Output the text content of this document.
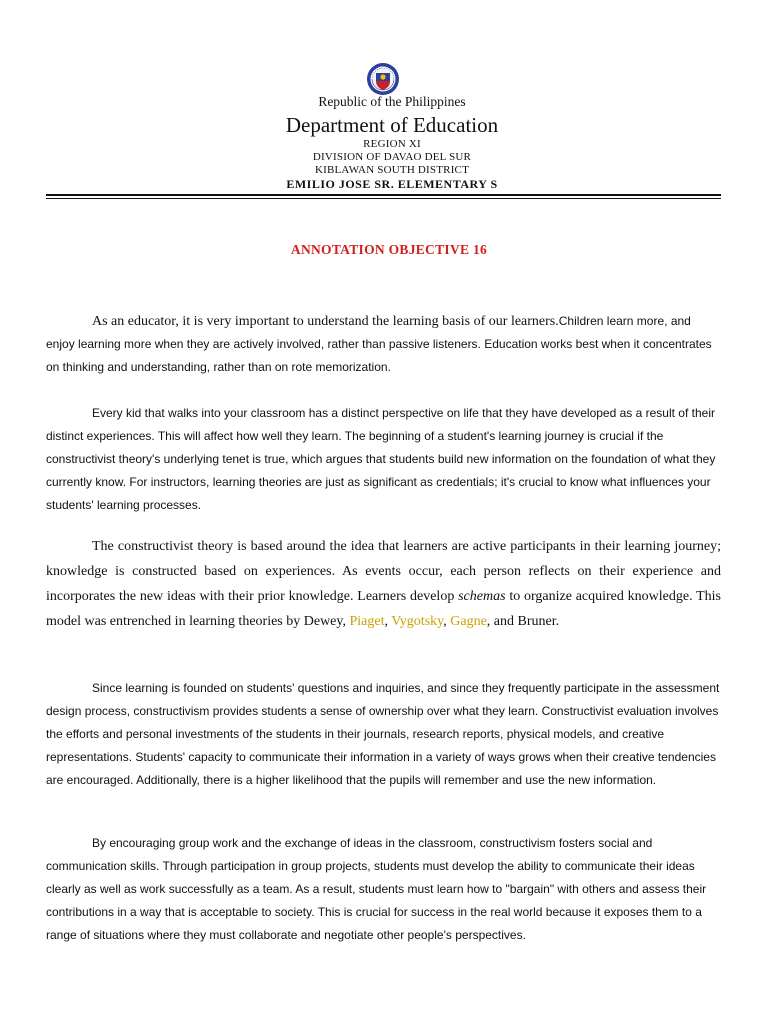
Republic of the Philippines
Department of Education
REGION XI
DIVISION OF DAVAO DEL SUR
KIBLAWAN SOUTH DISTRICT
EMILIO JOSE SR. ELEMENTARY S
ANNOTATION OBJECTIVE 16

As an educator, it is very important to understand the learning basis of our learners.Children learn more, and enjoy learning more when they are actively involved, rather than passive listeners. Education works best when it concentrates on thinking and understanding, rather than on rote memorization.

Every kid that walks into your classroom has a distinct perspective on life that they have developed as a result of their distinct experiences. This will affect how well they learn. The beginning of a student's learning journey is crucial if the constructivist theory's underlying tenet is true, which argues that students build new information on the foundation of what they currently know. For instructors, learning theories are just as significant as credentials; it's crucial to know what influences your students' learning processes.

The constructivist theory is based around the idea that learners are active participants in their learning journey; knowledge is constructed based on experiences. As events occur, each person reflects on their experience and incorporates the new ideas with their prior knowledge. Learners develop schemas to organize acquired knowledge. This model was entrenched in learning theories by Dewey, Piaget, Vygotsky, Gagne, and Bruner.

Since learning is founded on students' questions and inquiries, and since they frequently participate in the assessment design process, constructivism provides students a sense of ownership over what they learn. Constructivist evaluation involves the efforts and personal investments of the students in their journals, research reports, physical models, and creative representations. Students' capacity to communicate their information in a variety of ways grows when their creative tendencies are encouraged. Additionally, there is a higher likelihood that the pupils will remember and use the new information.

By encouraging group work and the exchange of ideas in the classroom, constructivism fosters social and communication skills. Through participation in group projects, students must develop the ability to communicate their ideas clearly as well as work successfully as a team. As a result, students must learn how to "bargain" with others and assess their contributions in a way that is acceptable to society. This is crucial for success in the real world because it exposes them to a range of situations where they must collaborate and negotiate other people's perspectives.
